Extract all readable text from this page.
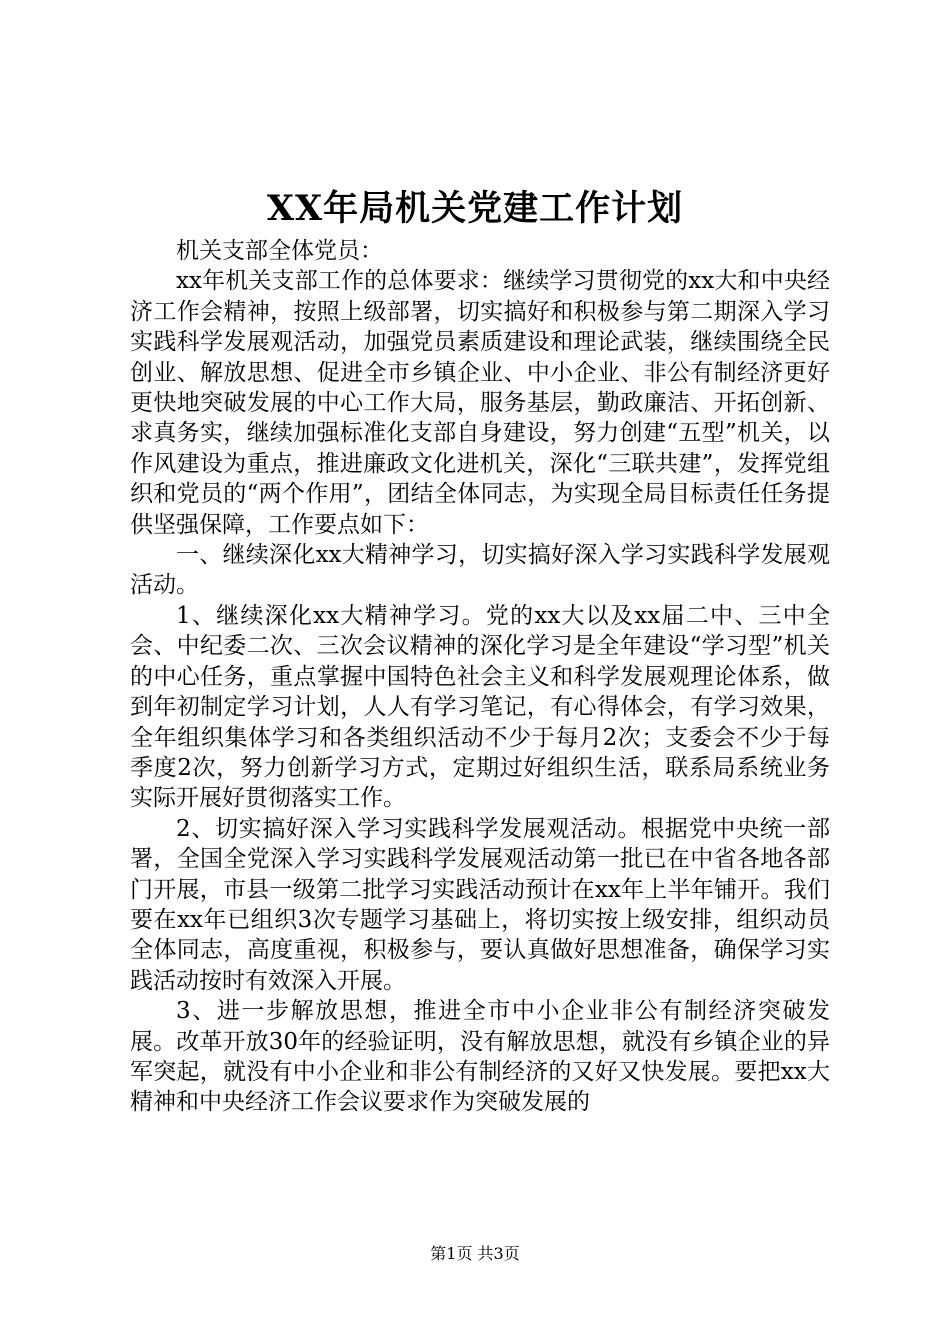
XX年局机关党建工作计划

机关支部全体党员：

xx年机关支部工作的总体要求：继续学习贯彻党的xx大和中央经济工作会精神，按照上级部署，切实搞好和积极参与第二期深入学习实践科学发展观活动，加强党员素质建设和理论武装，继续围绕全民创业、解放思想、促进全市乡镇企业、中小企业、非公有制经济更好更快地突破发展的中心工作大局，服务基层，勤政廉洁、开拓创新、求真务实，继续加强标准化支部自身建设，努力创建“五型”机关，以作风建设为重点，推进廉政文化进机关，深化“三联共建”，发挥党组织和党员的“两个作用”，团结全体同志，为实现全局目标责任任务提供坚强保障，工作要点如下：

一、继续深化xx大精神学习，切实搞好深入学习实践科学发展观活动。

1、继续深化xx大精神学习。党的xx大以及xx届二中、三中全会、中纪委二次、三次会议精神的深化学习是全年建设“学习型”机关的中心任务，重点掌握中国特色社会主义和科学发展观理论体系，做到年初制定学习计划，人人有学习笔记，有心得体会，有学习效果，全年组织集体学习和各类组织活动不少于每月2次；支委会不少于每季度2次，努力创新学习方式，定期过好组织生活，联系局系统业务实际开展好贯彻落实工作。

2、切实搞好深入学习实践科学发展观活动。根据党中央统一部署，全国全党深入学习实践科学发展观活动第一批已在中省各地各部门开展，市县一级第二批学习实践活动预计在xx年上半年铺开。我们要在xx年已组织3次专题学习基础上，将切实按上级安排，组织动员全体同志，高度重视，积极参与，要认真做好思想准备，确保学习实践活动按时有效深入开展。

3、进一步解放思想，推进全市中小企业非公有制经济突破发展。改革开放30年的经验证明，没有解放思想，就没有乡镇企业的异军突起，就没有中小企业和非公有制经济的又好又快发展。要把xx大精神和中央经济工作会议要求作为突破发展的

第1页 共3页
